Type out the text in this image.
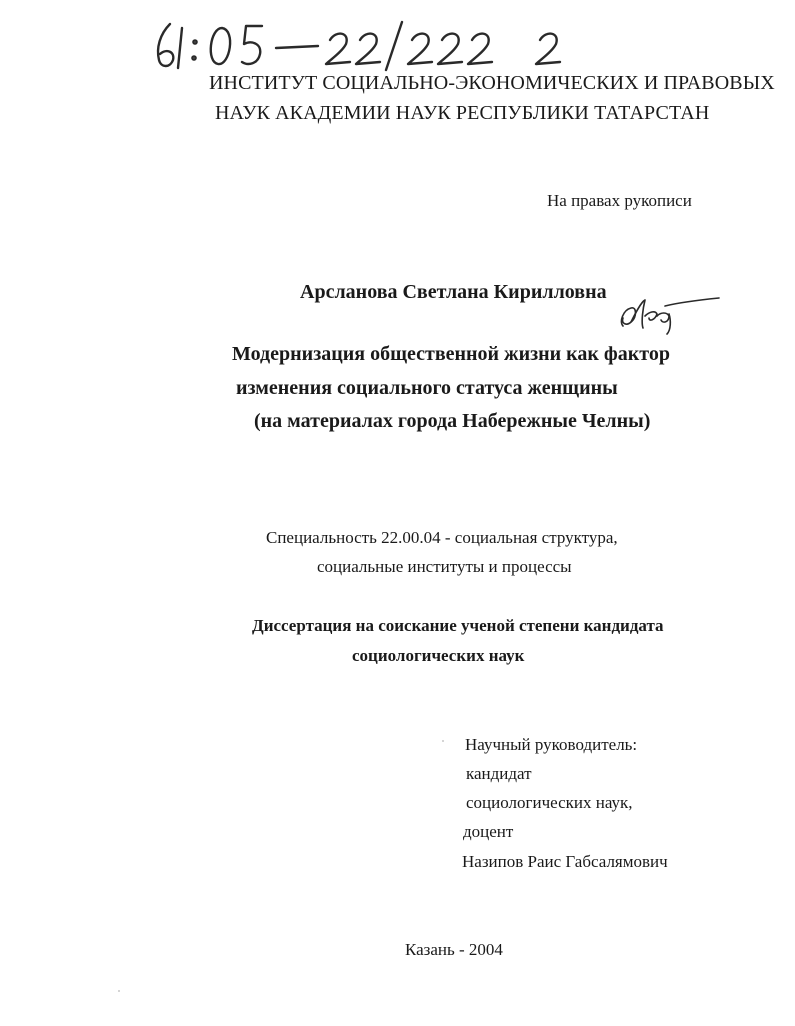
ИНСТИТУТ СОЦИАЛЬНО-ЭКОНОМИЧЕСКИХ И ПРАВОВЫХ
НАУК АКАДЕМИИ НАУК РЕСПУБЛИКИ ТАТАРСТАН
На правах рукописи
Арсланова Светлана Кирилловна
Модернизация общественной жизни как фактор
изменения социального статуса женщины
(на материалах города Набережные Челны)
Специальность 22.00.04 - социальная структура,
социальные институты и процессы
Диссертация на соискание ученой степени кандидата
социологических наук
Научный руководитель:
кандидат
социологических наук,
доцент
Назипов Раис Габсалямович
Казань - 2004
